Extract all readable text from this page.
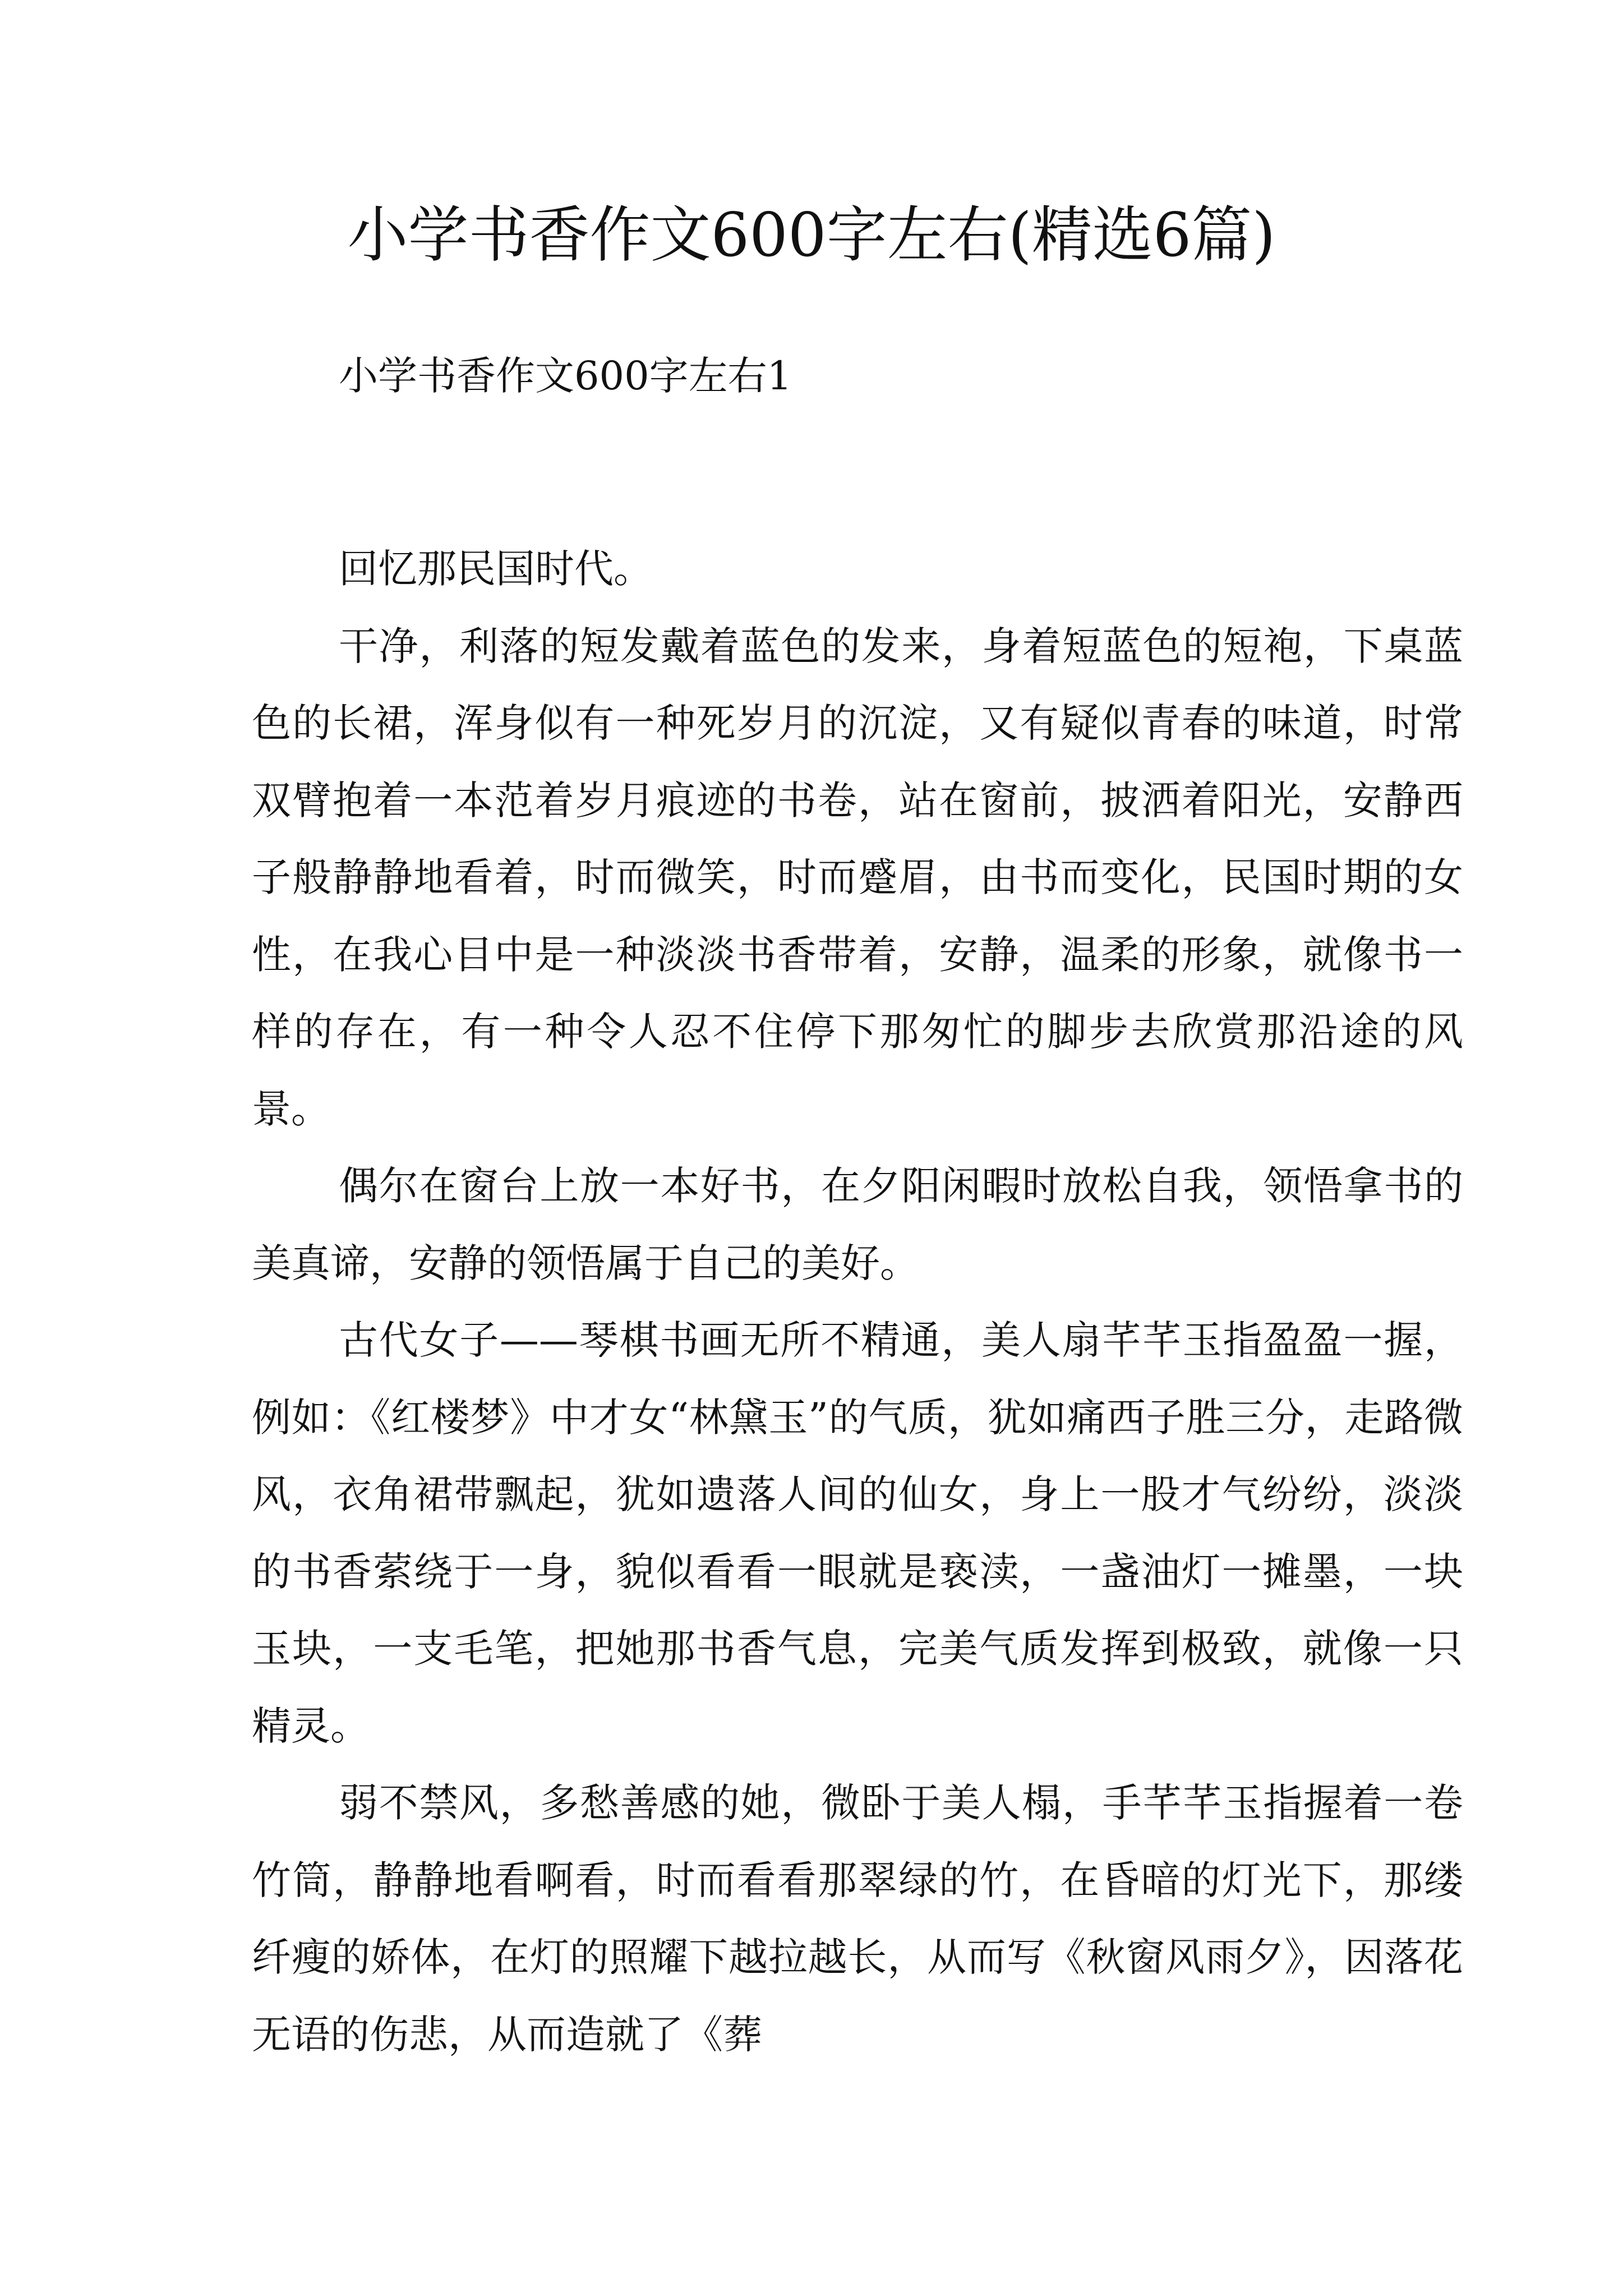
小学书香作文600字左右(精选6篇)
小学书香作文600字左右1

回忆那民国时代。

干净，利落的短发戴着蓝色的发来，身着短蓝色的短袍，下桌蓝色的长裙，浑身似有一种死岁月的沉淀，又有疑似青春的味道，时常双臂抱着一本范着岁月痕迹的书卷，站在窗前，披洒着阳光，安静西子般静静地看着，时而微笑，时而蹙眉，由书而变化，民国时期的女性，在我心目中是一种淡淡书香带着，安静，温柔的形象，就像书一样的存在，有一种令人忍不住停下那匆忙的脚步去欣赏那沿途的风景。

偶尔在窗台上放一本好书，在夕阳闲暇时放松自我，领悟拿书的美真谛，安静的领悟属于自己的美好。

古代女子——琴棋书画无所不精通，美人扇芊芊玉指盈盈一握，例如：《红楼梦》中才女“林黛玉”的气质，犹如痛西子胜三分，走路微风，衣角裙带飘起，犹如遗落人间的仙女，身上一股才气纷纷，淡淡的书香萦绕于一身，貌似看看一眼就是亵渎，一盏油灯一摊墨，一块玉块，一支毛笔，把她那书香气息，完美气质发挥到极致，就像一只精灵。

弱不禁风，多愁善感的她，微卧于美人榻，手芊芊玉指握着一卷竹筒，静静地看啊看，时而看看那翠绿的竹，在昏暗的灯光下，那缕纤瘦的娇体，在灯的照耀下越拉越长，从而写《秋窗风雨夕》，因落花无语的伤悲，从而造就了《葬
